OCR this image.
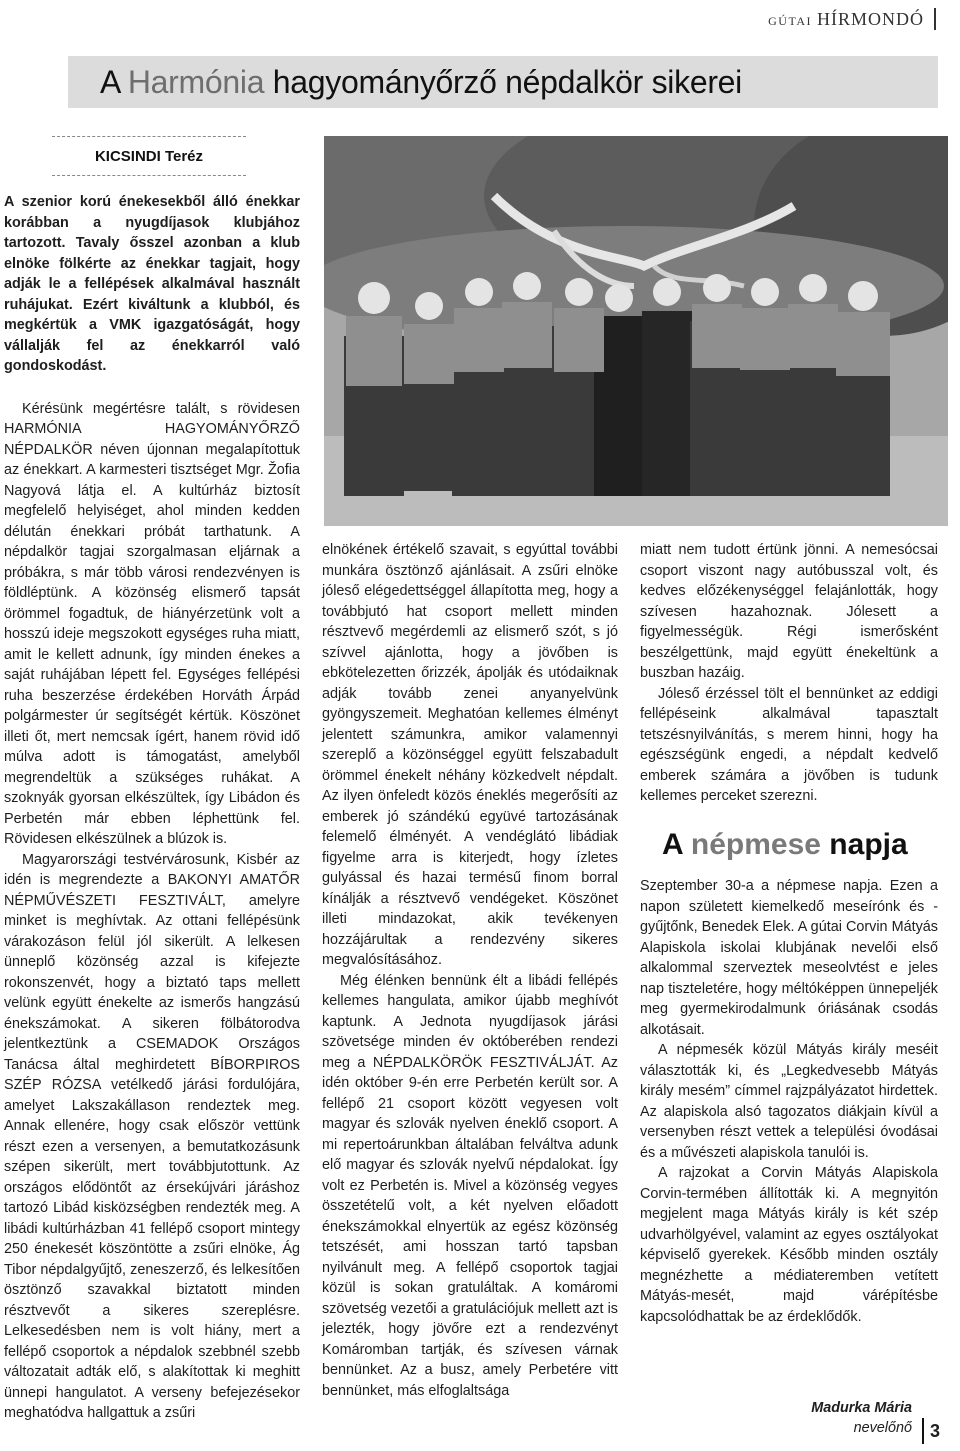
GÚTAI HÍRMONDÓ
A Harmónia hagyományőrző népdalkör sikerei
KICSINDI Teréz

A szenior korú énekesekből álló énekkar korábban a nyugdíjasok klubjához tartozott. Tavaly ősszel azonban a klub elnöke fölkérte az énekkar tagjait, hogy adják le a fellépések alkalmával használt ruhájukat. Ezért kiváltunk a klubból, és megkértük a VMK igazgatóságát, hogy vállalják fel az énekkarról való gondoskodást.

Kérésünk megértésre talált, s rövidesen HARMÓNIA HAGYOMÁNYŐRZŐ NÉPDALKÖR néven újonnan megalapítottuk az énekkart. A karmesteri tisztséget Mgr. Žofia Nagyová látja el. A kultúrház biztosít megfelelő helyiséget, ahol minden kedden délután énekkari próbát tarthatunk. A népdalkör tagjai szorgalmasan eljárnak a próbákra, s már több városi rendezvényen is földléptünk. A közönség elismerő tapsát örömmel fogadtuk, de hiányérzetünk volt a hosszú ideje megszokott egységes ruha miatt, amit le kellett adnunk, így minden énekes a saját ruhájában lépett fel. Egységes fellépési ruha beszerzése érdekében Horváth Árpád polgármester úr segítségét kértük. Köszönet illeti őt, mert nemcsak ígért, hanem rövid idő múlva adott is támogatást, amelyből megrendeltük a szükséges ruhákat. A szoknyák gyorsan elkészültek, így Libádon és Perbetén már ebben léphettünk fel. Rövidesen elkészülnek a blúzok is.

Magyarországi testvérvárosunk, Kisbér az idén is megrendezte a BAKONYI AMATŐR NÉPMŰVÉSZETI FESZTIVÁLT, amelyre minket is meghívtak. Az ottani fellépésünk várakozáson felül jól sikerült. A lelkesen ünneplő közönség azzal is kifejezte rokonszenvét, hogy a biztató taps mellett velünk együtt énekelte az ismerős hangzású énekszámokat. A sikeren fölbátorodva jelentkeztünk a CSEMADOK Országos Tanácsa által meghirdetett BÍBORPIROS SZÉP RÓZSA vetélkedő járási fordulójára, amelyet Lakszakállason rendeztek meg. Annak ellenére, hogy csak először vettünk részt ezen a versenyen, a bemutatkozásunk szépen sikerült, mert továbbjutottunk. Az országos elődöntőt az érsekújvári járáshoz tartozó Libád kisközségben rendezték meg. A libádi kultúrházban 41 fellépő csoport mintegy 250 énekesét köszöntötte a zsűri elnöke, Ág Tibor népdalgyűjtő, zeneszerző, és lelkesítően ösztönző szavakkal biztatott minden résztvevőt a sikeres szereplésre. Lelkesedésben nem is volt hiány, mert a fellépő csoportok a népdalok szebbnél szebb változatait adták elő, s alakítottak ki meghitt ünnepi hangulatot. A verseny befejezésekor meghatódva hallgattuk a zsűri

elnökének értékelő szavait, s egyúttal további munkára ösztönző ajánlásait. A zsűri elnöke jóleső elégedettséggel állapította meg, hogy a továbbjutó hat csoport mellett minden résztvevő megérdemli az elismerő szót, s jó szívvel ajánlotta, hogy a jövőben is ebkötelezetten őrizzék, ápolják és utódaiknak adják tovább zenei anyanyelvünk gyöngyszemeit. Meghatóan kellemes élményt jelentett számunkra, amikor valamennyi szereplő a közönséggel együtt felszabadult örömmel énekelt néhány közkedvelt népdalt. Az ilyen önfeledt közös éneklés megerősíti az emberek jó szándékú együvé tartozásának felemelő élményét. A vendéglátó libádiak figyelme arra is kiterjedt, hogy ízletes gulyással és hazai termésű finom borral kínálják a résztvevő vendégeket. Köszönet illeti mindazokat, akik tevékenyen hozzájárultak a rendezvény sikeres megvalósításához.

Még élénken bennünk élt a libádi fellépés kellemes hangulata, amikor újabb meghívót kaptunk. A Jednota nyugdíjasok járási szövetsége minden év októberében rendezi meg a NÉPDALKÖRÖK FESZTIVÁLJÁT. Az idén október 9-én erre Perbetén került sor. A fellépő 21 csoport között vegyesen volt magyar és szlovák nyelven éneklő csoport. A mi repertoárunkban általában felváltva adunk elő magyar és szlovák nyelvű népdalokat. Így volt ez Perbetén is. Mivel a közönség vegyes összetételű volt, a két nyelven előadott énekszámokkal elnyertük az egész közönség tetszését, ami hosszan tartó tapsban nyilvánult meg. A fellépő csoportok tagjai közül is sokan gratuláltak. A komáromi szövetség vezetői a gratulációjuk mellett azt is jelezték, hogy jövőre ezt a rendezvényt Komáromban tartják, és szívesen várnak bennünket. Az a busz, amely Perbetére vitt bennünket, más elfoglaltsága

miatt nem tudott értünk jönni. A nemesócsai csoport viszont nagy autóbusszal volt, és kedves előzékenységgel felajánlották, hogy szívesen hazahoznak. Jólesett a figyelmességük. Régi ismerősként beszélgettünk, majd együtt énekeltünk a buszban hazáig.

Jóleső érzéssel tölt el bennünket az eddigi fellépéseink alkalmával tapasztalt tetszésnyilvánítás, s merem hinni, hogy ha egészségünk engedi, a népdalt kedvelő emberek számára a jövőben is tudunk kellemes perceket szerezni.

A népmese napja

Szeptember 30-a a népmese napja. Ezen a napon született kiemelkedő meseírónk és -gyűjtőnk, Benedek Elek. A gútai Corvin Mátyás Alapiskola iskolai klubjának nevelői első alkalommal szerveztek meseolvtést e jeles nap tiszteletére, hogy méltóképpen ünnepeljék meg gyermekirodalmunk óriásának csodás alkotásait.

A népmesék közül Mátyás király meséit választották ki, és „Legkedvesebb Mátyás király mesém” címmel rajzpályázatot hirdettek. Az alapiskola alsó tagozatos diákjain kívül a versenyben részt vettek a települési óvodásai és a művészeti alapiskola tanulói is.

A rajzokat a Corvin Mátyás Alapiskola Corvin-termében állították ki. A megnyitón megjelent maga Mátyás király is két szép udvarhölgyével, valamint az egyes osztályokat képviselő gyerekek. Később minden osztály megnézhette a médiateremben vetített Mátyás-mesét, majd várépítésbe kapcsolódhattak be az érdeklődők.

Madurka Mária
nevelőnő	3
